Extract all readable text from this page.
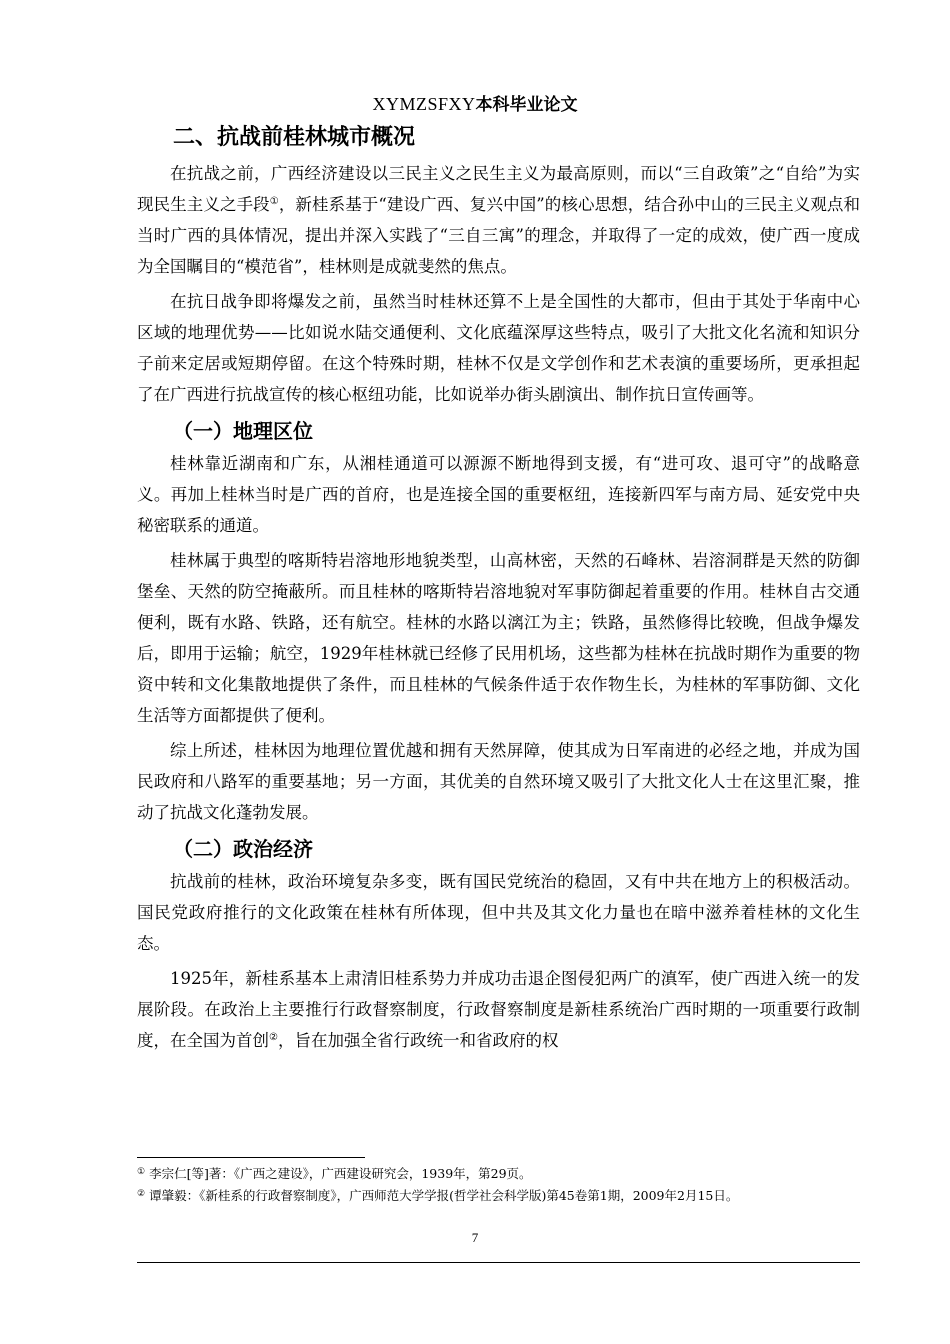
XYMZSFXY本科毕业论文
二、抗战前桂林城市概况

在抗战之前，广西经济建设以三民主义之民生主义为最高原则，而以“三自政策”之“自给”为实现民生主义之手段①，新桂系基于“建设广西、复兴中国”的核心思想，结合孙中山的三民主义观点和当时广西的具体情况，提出并深入实践了“三自三寓”的理念，并取得了一定的成效，使广西一度成为全国瞩目的“模范省”，桂林则是成就斐然的焦点。

在抗日战争即将爆发之前，虽然当时桂林还算不上是全国性的大都市，但由于其处于华南中心区域的地理优势——比如说水陆交通便利、文化底蕴深厚这些特点，吸引了大批文化名流和知识分子前来定居或短期停留。在这个特殊时期，桂林不仅是文学创作和艺术表演的重要场所，更承担起了在广西进行抗战宣传的核心枢纽功能，比如说举办街头剧演出、制作抗日宣传画等。

（一）地理区位

桂林靠近湖南和广东，从湘桂通道可以源源不断地得到支援，有“进可攻、退可守”的战略意义。再加上桂林当时是广西的首府，也是连接全国的重要枢纽，连接新四军与南方局、延安党中央秘密联系的通道。

桂林属于典型的喀斯特岩溶地形地貌类型，山高林密，天然的石峰林、岩溶洞群是天然的防御堡垒、天然的防空掩蔽所。而且桂林的喀斯特岩溶地貌对军事防御起着重要的作用。桂林自古交通便利，既有水路、铁路，还有航空。桂林的水路以漓江为主；铁路，虽然修得比较晚，但战争爆发后，即用于运输；航空，1929年桂林就已经修了民用机场，这些都为桂林在抗战时期作为重要的物资中转和文化集散地提供了条件，而且桂林的气候条件适于农作物生长，为桂林的军事防御、文化生活等方面都提供了便利。

综上所述，桂林因为地理位置优越和拥有天然屏障，使其成为日军南进的必经之地，并成为国民政府和八路军的重要基地；另一方面，其优美的自然环境又吸引了大批文化人士在这里汇聚，推动了抗战文化蓬勃发展。

（二）政治经济

抗战前的桂林，政治环境复杂多变，既有国民党统治的稳固，又有中共在地方上的积极活动。国民党政府推行的文化政策在桂林有所体现，但中共及其文化力量也在暗中滋养着桂林的文化生态。

1925年，新桂系基本上肃清旧桂系势力并成功击退企图侵犯两广的滇军，使广西进入统一的发展阶段。在政治上主要推行行政督察制度，行政督察制度是新桂系统治广西时期的一项重要行政制度，在全国为首创②，旨在加强全省行政统一和省政府的权

① 李宗仁[等]著：《广西之建设》，广西建设研究会，1939年，第29页。

② 谭肇毅：《新桂系的行政督察制度》，广西师范大学学报(哲学社会科学版)第45卷第1期，2009年2月15日。

7
